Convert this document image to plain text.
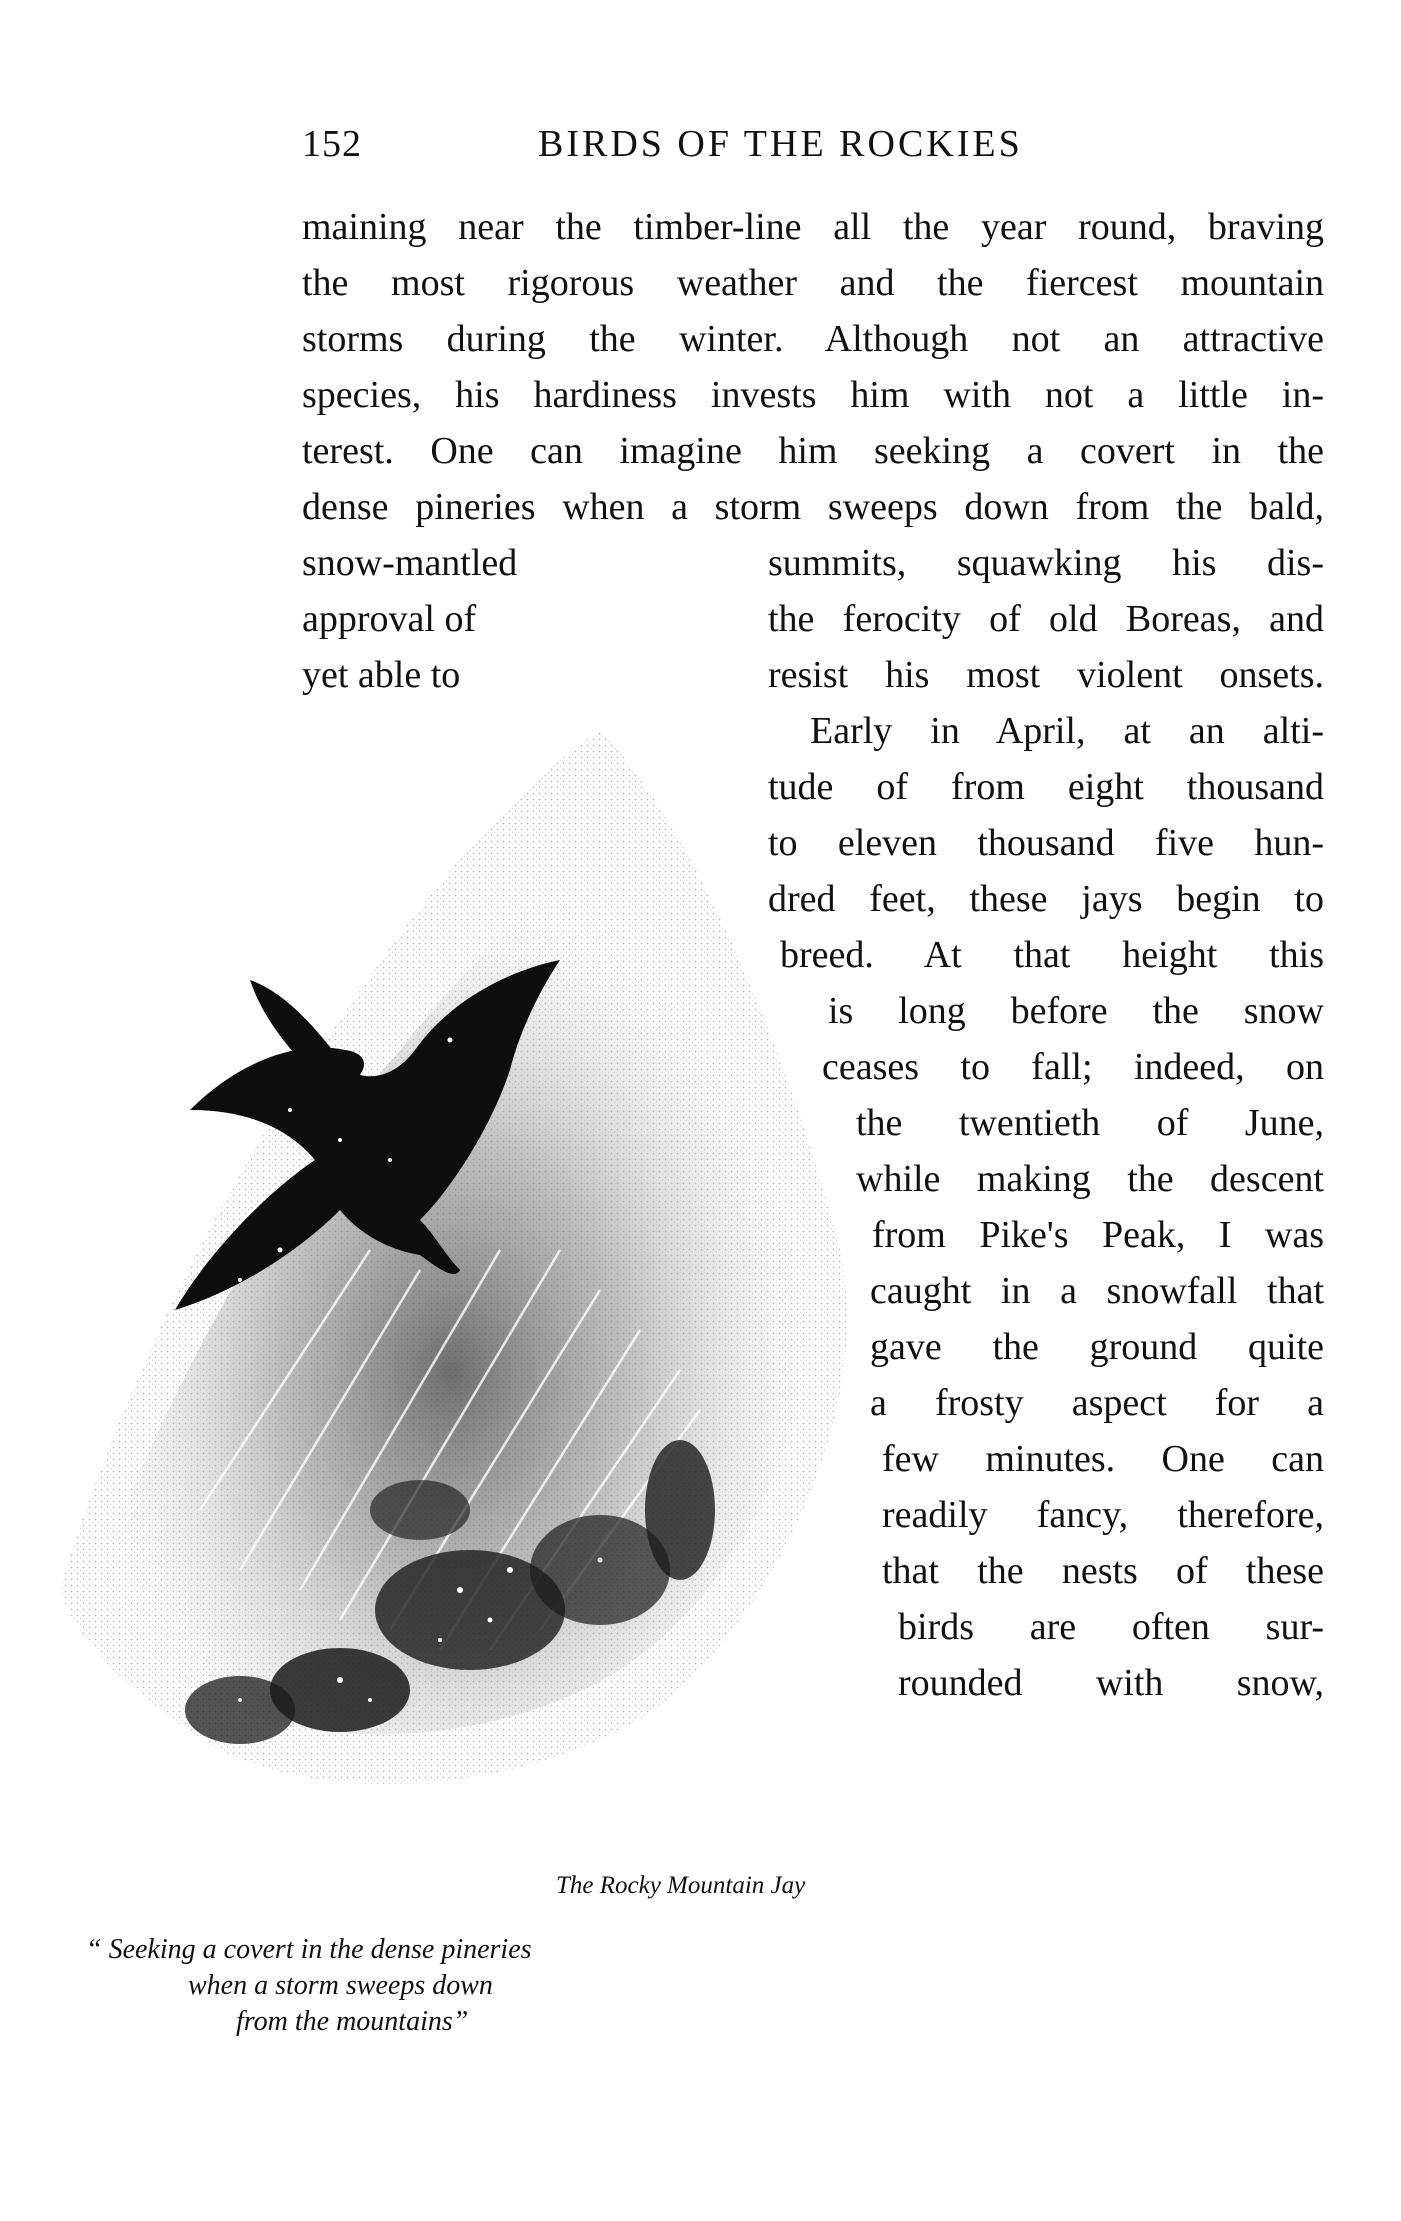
152	BIRDS OF THE ROCKIES
maining near the timber-line all the year round, braving
the most rigorous weather and the fiercest mountain
storms during the winter. Although not an attractive
species, his hardiness invests him with not a little in-
terest. One can imagine him seeking a covert in the
dense pineries when a storm sweeps down from the bald,
snow-mantled
approval of
yet able to
summits, squawking his dis-
the ferocity of old Boreas, and
resist his most violent onsets.
Early in April, at an alti-
tude of from eight thousand
to eleven thousand five hun-
dred feet, these jays begin to
breed. At that height this
is long before the snow
ceases to fall; indeed, on
the twentieth of June,
while making the descent
from Pike's Peak, I was
caught in a snowfall that
gave the ground quite
a frosty aspect for a
few minutes. One can
readily fancy, therefore,
that the nests of these
birds are often sur-
rounded with snow,
The Rocky Mountain Jay
“ Seeking a covert in the dense pineries
when a storm sweeps down
from the mountains”
